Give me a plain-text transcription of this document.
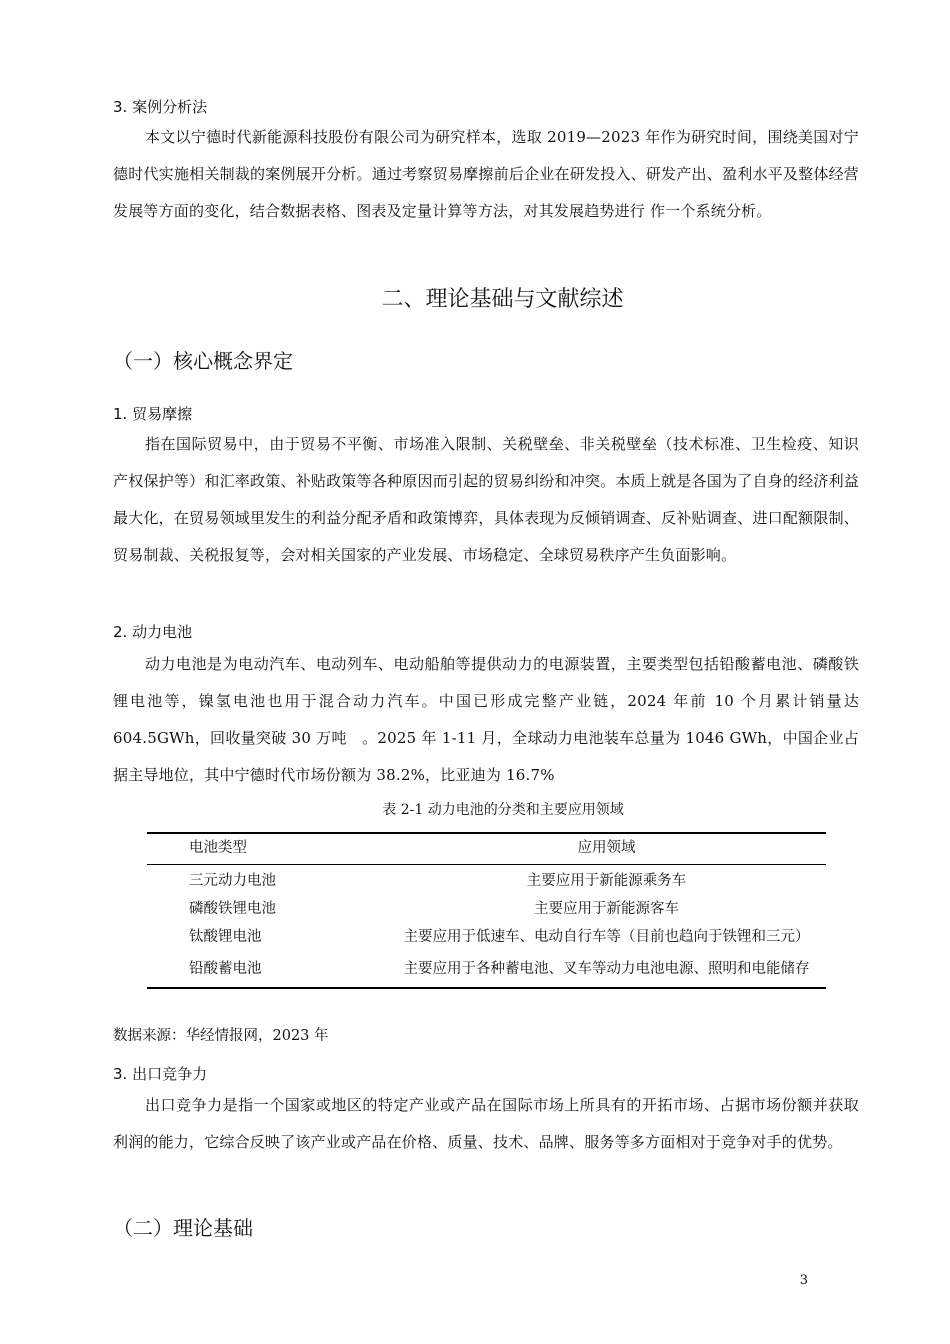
3. 案例分析法

本文以宁德时代新能源科技股份有限公司为研究样本，选取 2019—2023 年作为研究时间，围绕美国对宁德时代实施相关制裁的案例展开分析。通过考察贸易摩擦前后企业在研发投入、研发产出、盈利水平及整体经营发展等方面的变化，结合数据表格、图表及定量计算等方法，对其发展趋势进行 作一个系统分析。

二、理论基础与文献综述
（一）核心概念界定

1. 贸易摩擦

指在国际贸易中，由于贸易不平衡、市场准入限制、关税壁垒、非关税壁垒（技术标准、卫生检疫、知识产权保护等）和汇率政策、补贴政策等各种原因而引起的贸易纠纷和冲突。本质上就是各国为了自身的经济利益最大化，在贸易领域里发生的利益分配矛盾和政策博弈，具体表现为反倾销调查、反补贴调查、进口配额限制、贸易制裁、关税报复等，会对相关国家的产业发展、市场稳定、全球贸易秩序产生负面影响。

2. 动力电池

动力电池是为电动汽车、电动列车、电动船舶等提供动力的电源装置，主要类型包括铅酸蓄电池、磷酸铁锂电池等，镍氢电池也用于混合动力汽车。中国已形成完整产业链，2024 年前 10 个月累计销量达 604.5GWh，回收量突破 30 万吨　。2025 年 1-11 月，全球动力电池装车总量为 1046 GWh，中国企业占据主导地位，其中宁德时代市场份额为 38.2%，比亚迪为 16.7%

表 2-1 动力电池的分类和主要应用领域

电池类型	应用领域
三元动力电池	主要应用于新能源乘务车
磷酸铁锂电池	主要应用于新能源客车
钛酸锂电池	主要应用于低速车、电动自行车等（目前也趋向于铁锂和三元）
铅酸蓄电池	主要应用于各种蓄电池、叉车等动力电池电源、照明和电能储存

数据来源：华经情报网，2023 年

3. 出口竞争力

出口竞争力是指一个国家或地区的特定产业或产品在国际市场上所具有的开拓市场、占据市场份额并获取利润的能力，它综合反映了该产业或产品在价格、质量、技术、品牌、服务等多方面相对于竞争对手的优势。

（二）理论基础

3
